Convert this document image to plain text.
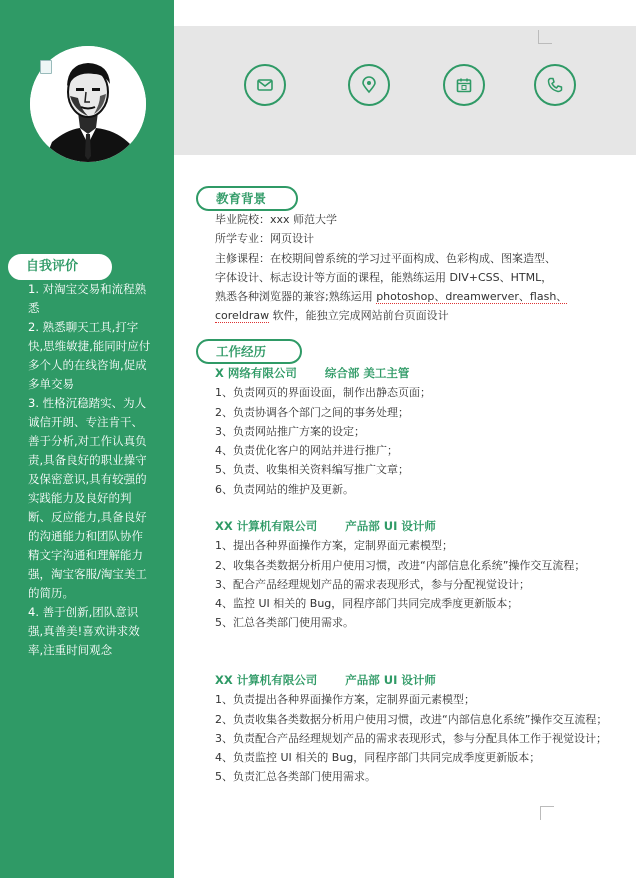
自我评价
1. 对淘宝交易和流程熟悉
2. 熟悉聊天工具,打字快,思维敏捷,能同时应付多个人的在线咨询,促成多单交易
3. 性格沉稳踏实、为人诚信开朗、专注肯干、善于分析,对工作认真负责,具备良好的职业操守及保密意识,具有较强的实践能力及良好的判断、反应能力,具备良好的沟通能力和团队协作精文字沟通和理解能力强，淘宝客服/淘宝美工的简历。
4. 善于创新,团队意识强,真善美!喜欢讲求效率,注重时间观念
教育背景
毕业院校：xxx 师范大学
所学专业：网页设计
主修课程：在校期间曾系统的学习过平面构成、色彩构成、图案造型、
字体设计、标志设计等方面的课程，能熟练运用 DIV+CSS、HTML，
熟悉各种浏览器的兼容;熟练运用 photoshop、dreamwerver、flash、
coreldraw 软件，能独立完成网站前台页面设计
工作经历
X 网络有限公司 综合部 美工主管
1、负责网页的界面设面，制作出静态页面；
2、负责协调各个部门之间的事务处理；
3、负责网站推广方案的设定；
4、负责优化客户的网站并进行推广；
5、负责、收集相关资料编写推广文章；
6、负责网站的维护及更新。
XX 计算机有限公司 产品部 UI 设计师
1、提出各种界面操作方案，定制界面元素模型；
2、收集各类数据分析用户使用习惯，改进“内部信息化系统”操作交互流程；
3、配合产品经理规划产品的需求表现形式，参与分配视觉设计；
4、监控 UI 相关的 Bug，同程序部门共同完成季度更新版本；
5、汇总各类部门使用需求。
XX 计算机有限公司 产品部 UI 设计师
1、负责提出各种界面操作方案，定制界面元素模型；
2、负责收集各类数据分析用户使用习惯，改进“内部信息化系统”操作交互流程；
3、负责配合产品经理规划产品的需求表现形式，参与分配具体工作于视觉设计；
4、负责监控 UI 相关的 Bug，同程序部门共同完成季度更新版本；
5、负责汇总各类部门使用需求。
